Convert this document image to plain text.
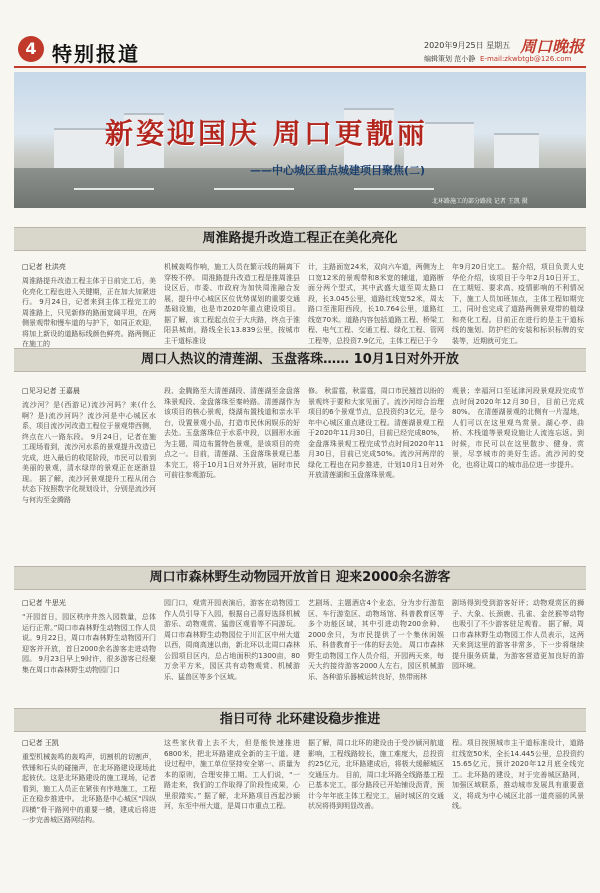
4 特别报道	2020年9月25日 星期五
编辑策划 范小静
周口晚报
E-mail:zkwbtgb@126.com
新姿迎国庆 周口更靓丽
——中心城区重点城建项目聚焦(二)
北环路施工的部分路段 记者 王凯 摄
周淮路提升改造工程正在美化亮化
□记者 杜洪亮
周淮路提升改造工程主体于日前完工后，美化亮化工程也进入关键期，正在加大加紧进行。 9月24日，记者来到主体工程完工的周淮路上，只见新修的路面宽阔平坦，在两侧景观带和慢车道的与护下，如同正欢迎，将加上新设的道路标线颜色鲜亮。路两侧正在施工的
机械轰鸣作响，施工人员在繁示线的隔离下穿梭不停。 周淮路提升改造工程是推周淮县设区后，市委、市政府为加快周淮融合发展，提升中心城区区位优势谋划的重要交通基础设施，也是市2020年重点建设项目。 据了解，该工程起点位于大庆路，终点于淮阳县城南，路线全长13.839公里，按城市主干道标准设
计，主路面宽24米，双向六车道，两侧为上口宽12米的景观带和8米宽的辅道，道路断面分两个型式，其中武盛大道至周太路口段，长3.045公里，道路红线宽52米，周太路口至淮阳西段，长10.764公里，道路红线宽70米。道路内容包括道路工程、桥梁工程、电气工程、交通工程、绿化工程、管网工程等，总投资7.9亿元，主体工程已于今
年9月20日完工。 据介绍，项目负责人史华伦介绍，该项目于今年2月10日开工，在工期短、要求高、疫情影响的不利情况下，施工人员加班加点，主体工程如期完工，同时也完成了道路两侧景观带的植绿和亮化工程。目前正在进行的是主干道标线的施划、防护栏的安装和标识标牌的安装等，近期就可完工。
周口人热议的清莲湖、玉盘落珠…… 10月1日对外开放
□见习记者 王嘉晨
流沙河？是(西游记)流沙河吗？来(什么啊？是)流沙河吗？流沙河是中心城区水系，项目流沙河改造工程位于景观带西侧，终点在八一路东段。 9月24日，记者在施工现场看到，流沙河水系的景观提升改造已完成，进入最后的收尾阶段，市民可以看到美丽的景观，清水绿岸的景观正在逐渐显现。 据了解，流沙河景观提升工程从闭合状态下按照数字化规划设计，分别是流沙河与何沟至金腾路
段、金腾路至大清莲湖段、清莲湖至金盘落珠景观段、金盘落珠至秦岭路。清莲湖作为该项目的核心景观，绕湖布置栈道和亲水平台，设置景观小品，打造市民休闲娱乐的好去处。玉盘落珠位于水系中段，以圆形水面为主题，周边布置特色景观，是该项目的亮点之一。目前，清莲湖、玉盘落珠景观已基本完工，将于10月1日对外开放，届时市民可前往参观游玩。
修。 秋雷霆，秋雷霆，周口市民翘首以盼的景观终于要和大家见面了。流沙河综合治理项目的6个景观节点，总投资约3亿元，是今年中心城区重点建设工程。清莲湖景观工程于2020年11月30日，目前已经完成80%，金盘落珠景观工程完成节点时间2020年11月30日，目前已完成50%。流沙河两岸的绿化工程也在同步推进，计划10月1日对外开放清莲湖和玉盘落珠景观。
观景；幸福河口至延津河段景观段完成节点时间2020年12月30日，目前已完成80%。 在清莲湖景观的北侧有一片湿地，人们可以在这里观鸟赏景。湖心亭、曲桥、木栈道等景观设施让人流连忘返。到时候，市民可以在这里散步、健身、赏景，尽享城市的美好生活。流沙河的变化，也将让周口的城市品位进一步提升。
周口市森林野生动物园开放首日 迎来2000余名游客
□记者 牛思光
“开园首日，园区秩序井然入园数量，总体运行正常。”周口市森林野生动物园工作人员说。9月22日，周口市森林野生动物园开门迎客并开放，首日2000余名游客走进动物园。 9月23日早上9时许，很多游客已经聚集在周口市森林野生动物园门口
园门口，观赏开园表演后，游客在动物园工作人员引导下入园，根据自己喜好选择机械游乐、动物观赏、猛兽区观看等不同游玩。 周口市森林野生动物园位于川汇区中州大道以西，周商高速以南，新北环以北周口森林公园项目区内，总占地面积约1300亩，80万余平方米，园区共有动物观赏、机械游乐、猛兽区等多个区域。
艺剧场、主题酒店4个业态，分为步行游览区、车行游览区、动物场馆、科普教育区等多个功能区域，其中引进动物200余种、2000余只，为市民提供了一个集休闲娱乐、科普教育于一体的好去处。 周口市森林野生动物园工作人员介绍，开园两天来，每天大约接待游客2000人左右，园区机械游乐、各种游乐器械运转良好，热带雨林
剧场得到受到游客好评；动物观赏区的狮子、大象、长颈鹿、孔雀、金丝猴等动物也吸引了不少游客驻足观看。 据了解，周口市森林野生动物园工作人员表示，这两天来到这里的游客非常多，下一步将继续提升服务质量，为游客营造更加良好的游园环境。
指日可待 北环建设稳步推进
□记者 王凯
重型机械轰鸣的轰鸣声，切割机的切割声，铁锤和石头的碰撞声，在北环路建设现场此起彼伏。这是北环路建设的施工现场，记者看到，施工人员正在紧张有序地施工，工程正在稳步推进中。 北环路是中心城区“四纵四横”骨干路网中的重要一横，建成后将进一步完善城区路网结构。
这些家伙看上去不大，但是能快速推进6800米，把北环路建成全新的主干道。建设过程中，施工单位坚持安全第一、质量为本的原则，合理安排工期。工人们说，“一路走来，我们的工作取得了阶段性成果，心里很踏实。” 据了解，北环路项目西起沙颍河，东至中州大道，是周口市重点工程。
据了解，周口北环的建设由于受沙颍河航道影响，工程线路较长，施工难度大，总投资约25亿元，北环路建成后，将极大缓解城区交通压力。 目前，周口北环路全线路基工程已基本完工，部分路段已开始铺设沥青，预计今年年底主体工程完工，届时城区的交通状况将得到明显改善。
程。项目按照城市主干道标准设计，道路红线宽50米，全长14.445公里，总投资约15.65亿元，预计2020年12月底全线完工。北环路的建设，对于完善城区路网，加强区域联系，推动城市发展具有重要意义，将成为中心城区北部一道亮丽的风景线。
